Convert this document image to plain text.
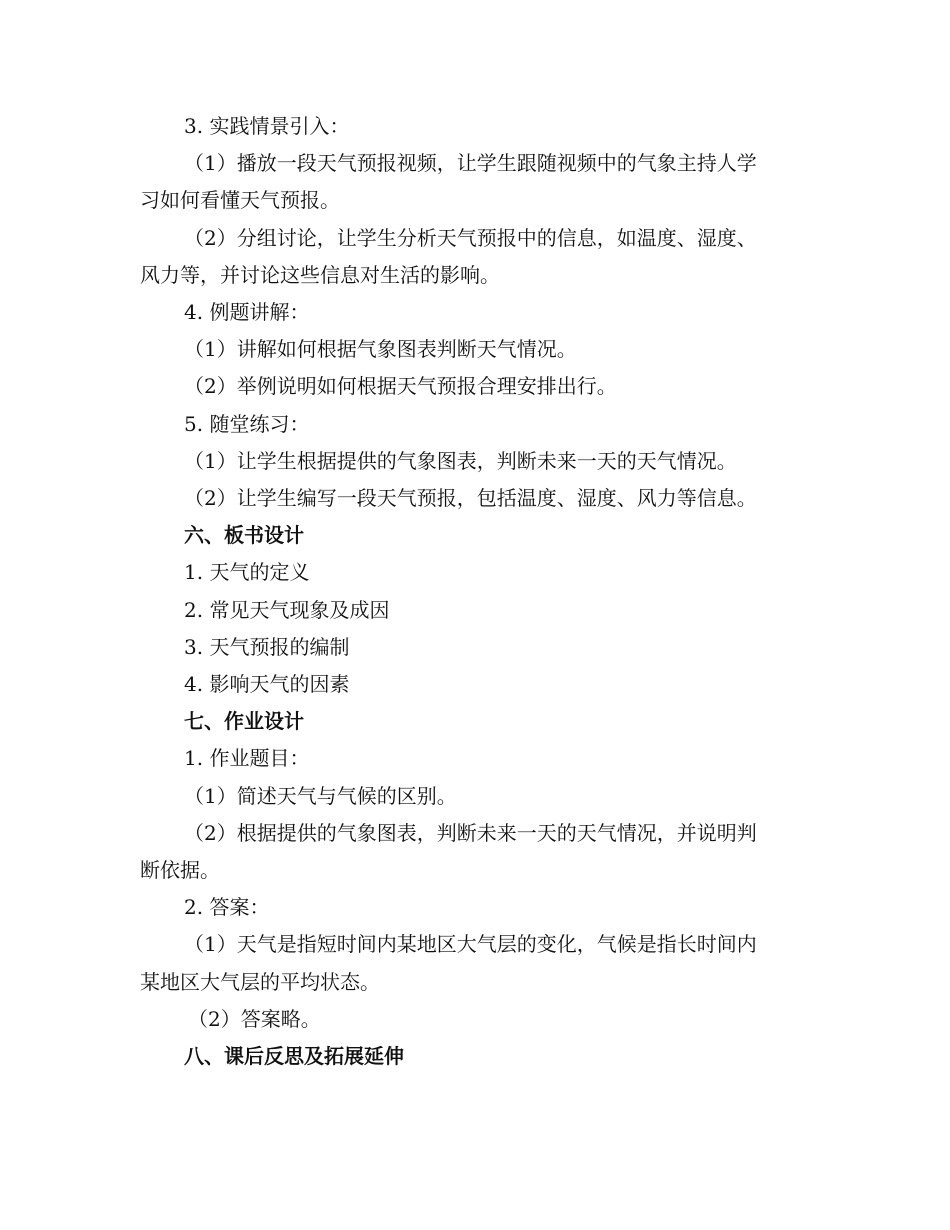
3. 实践情景引入：

（1）播放一段天气预报视频，让学生跟随视频中的气象主持人学

习如何看懂天气预报。

（2）分组讨论，让学生分析天气预报中的信息，如温度、湿度、

风力等，并讨论这些信息对生活的影响。

4. 例题讲解：

（1）讲解如何根据气象图表判断天气情况。

（2）举例说明如何根据天气预报合理安排出行。

5. 随堂练习：

（1）让学生根据提供的气象图表，判断未来一天的天气情况。

（2）让学生编写一段天气预报，包括温度、湿度、风力等信息。

六、板书设计

1. 天气的定义

2. 常见天气现象及成因

3. 天气预报的编制

4. 影响天气的因素

七、作业设计

1. 作业题目：

（1）简述天气与气候的区别。

（2）根据提供的气象图表，判断未来一天的天气情况，并说明判

断依据。

2. 答案：

（1）天气是指短时间内某地区大气层的变化，气候是指长时间内

某地区大气层的平均状态。

（2）答案略。

八、课后反思及拓展延伸
